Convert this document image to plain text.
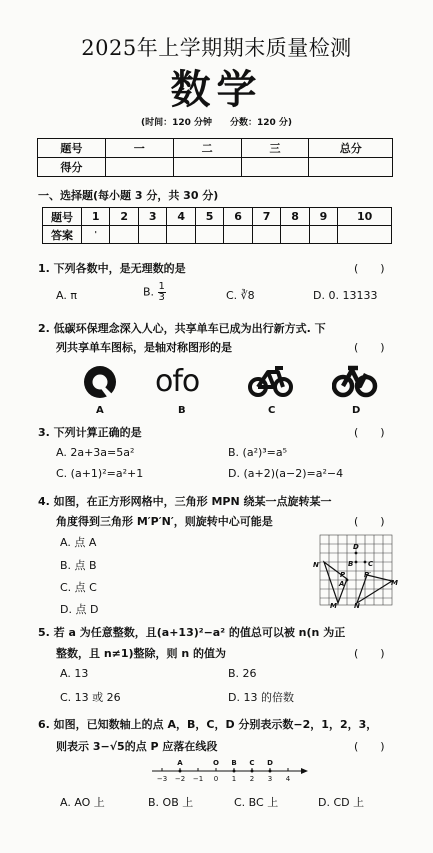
2025年上学期期末质量检测
数学
(时间：120 分钟　　分数：120 分)
题号	一	二	三	总分
得分				
一、选择题(每小题 3 分，共 30 分)
题号	1	2	3	4	5	6	7	8	9	10
答案	'									
1. 下列各数中，是无理数的是	(　　)
A. π	B. $\frac{1}{3}$	C. ∛8	D. 0. 13133
2. 低碳环保理念深入人心，共享单车已成为出行新方式. 下
列共享单车图标，是轴对称图形的是	(　　)
ofo
A	B	C	D
3. 下列计算正确的是	(　　)
A. 2a+3a=5a²	B. (a²)³=a⁵
C. (a+1)²=a²+1	D. (a+2)(a−2)=a²−4
4. 如图，在正方形网格中，三角形 MPN 绕某一点旋转某一
角度得到三角形 M′P′N′，则旋转中心可能是	(　　)
A. 点 A
B. 点 B
C. 点 C
D. 点 D
D
B C
A
N′
P	P′
M
M′ N
5. 若 a 为任意整数，且(a+13)²−a² 的值总可以被 n(n 为正
整数，且 n≠1)整除，则 n 的值为	(　　)
A. 13	B. 26
C. 13 或 26	D. 13 的倍数
6. 如图，已知数轴上的点 A，B，C，D 分别表示数−2，1，2，3，
则表示 3−√5的点 P 应落在线段	(　　)
A	O B C D
−3 −2 −1 0 1 2 3 4
A. AO 上	B. OB 上	C. BC 上	D. CD 上
